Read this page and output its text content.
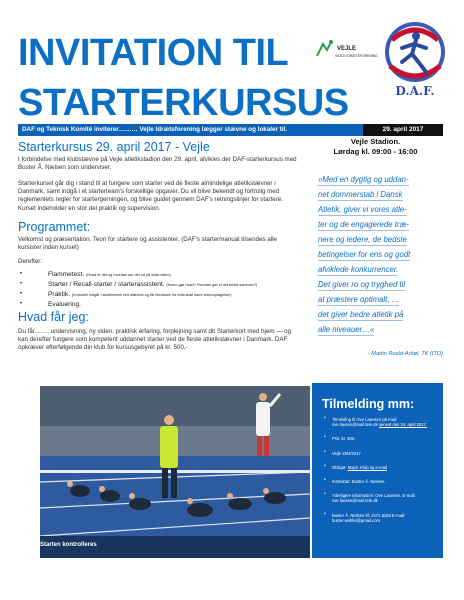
INVITATION TIL
STARTERKURSUS
VEJLE
VEJLE IDRÆTSFORENING
D.A.F.
DAF og Teknisk Komité inviterer……… Vejle Idrætsforening lægger stævne og lokaler til.	29. april 2017
Vejle Stadion.
Lørdag kl. 09:00 - 16:00
Starterkursus 29. april 2017 - Vejle
I forbindelse med klubstævne på Vejle atletikstadion den 29. april, afvikles der DAF-starterkursus med Buster Å. Nielsen som underviser.
Starterkurset går dig i stand til at fungere som starter ved de fleste almindelige atletikstævner i Danmark, samt indgå i et starterteam's forskellige opgaver. Du vil blive bekendt og fortrolig med reglementets regler for startergerningen, og blive guidet gennem DAF's retningslinjer for startere. Kurset indeholder en stor del praktik og supervision.
Programmet:
Velkomst og præsentation. Teori for startere og assistenter. (DAF's startermanual tilsendes alle kursister inden kurset)
Derefter:
• Flammetest. (Hvad er det og hvordan ser det ud på slide-video)
• Starter / Recall-starter / starterassistent. (Hvem gør hvad? Hvordan gør vi det bedst sammen?)
• Praktik. (Kursister indgår i starterteam ved stævnet og får feedback fra instruktør samt videooptagelser)
• Evaluering.
Hvad får jeg:
Du får……. undervisning, ny viden, praktisk erfaring, forplejning samt dit Starterkort med hjem — og kan derefter fungere som kompetent uddannet starter ved de fleste atletikstævner i Danmark. DAF opkræver efterfølgende din klub for kursusgebyret på kr. 500,-
»Med en dygtig og uddan-
net dommerstab i Dansk
Atletik, giver vi vores atle-
ter og de engagerede træ-
nere og ledere, de bedste
betingelser for ens og godt
afviklede konkurrencer.
Det giver ro og tryghed til
at præstere optimalt, …
det giver bedre atletik på
alle niveauer…«
- Martin Roald-Arbøl, TK (ITO)
Starten kontrolleres
Tilmelding mm:
• Tilmelding til Ove Lauesen på mail: ove.lausen@mail.tele.dk senest den 24. april 2017.
• Pris: kr. 500,-
• Vejle 29/4/2017
• Obligat: Maps: Klub og e-mail
• Instruktør: Buster Å. Nielsen.
• Yderligere information: Ove Lauesen. E-mail: ove.lausen@mail.tele.dk
• Buster Å. Nielsen tlf. 2371 6183 E-mail: buster.weblet@gmail.com
